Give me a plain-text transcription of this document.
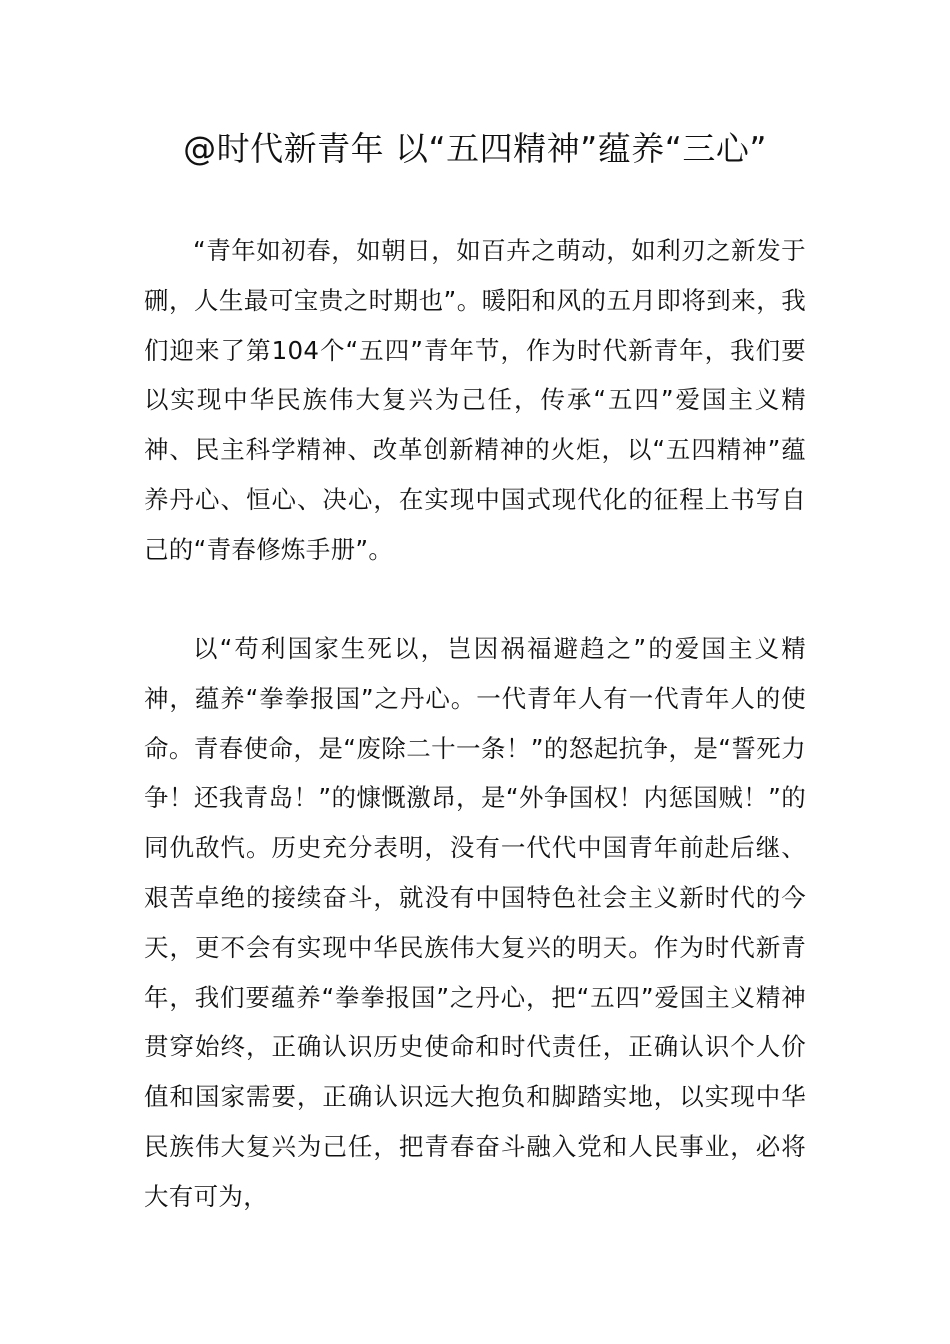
@时代新青年 以“五四精神”蕴养“三心”

“青年如初春，如朝日，如百卉之萌动，如利刃之新发于硎，人生最可宝贵之时期也”。暖阳和风的五月即将到来，我们迎来了第104个“五四”青年节，作为时代新青年，我们要以实现中华民族伟大复兴为己任，传承“五四”爱国主义精神、民主科学精神、改革创新精神的火炬，以“五四精神”蕴养丹心、恒心、决心，在实现中国式现代化的征程上书写自己的“青春修炼手册”。

以“苟利国家生死以，岂因祸福避趋之”的爱国主义精神，蕴养“拳拳报国”之丹心。一代青年人有一代青年人的使命。青春使命，是“废除二十一条！”的怒起抗争，是“誓死力争！还我青岛！”的慷慨激昂，是“外争国权！内惩国贼！”的同仇敌忾。历史充分表明，没有一代代中国青年前赴后继、艰苦卓绝的接续奋斗，就没有中国特色社会主义新时代的今天，更不会有实现中华民族伟大复兴的明天。作为时代新青年，我们要蕴养“拳拳报国”之丹心，把“五四”爱国主义精神贯穿始终，正确认识历史使命和时代责任，正确认识个人价值和国家需要，正确认识远大抱负和脚踏实地，以实现中华民族伟大复兴为己任，把青春奋斗融入党和人民事业，必将大有可为，
